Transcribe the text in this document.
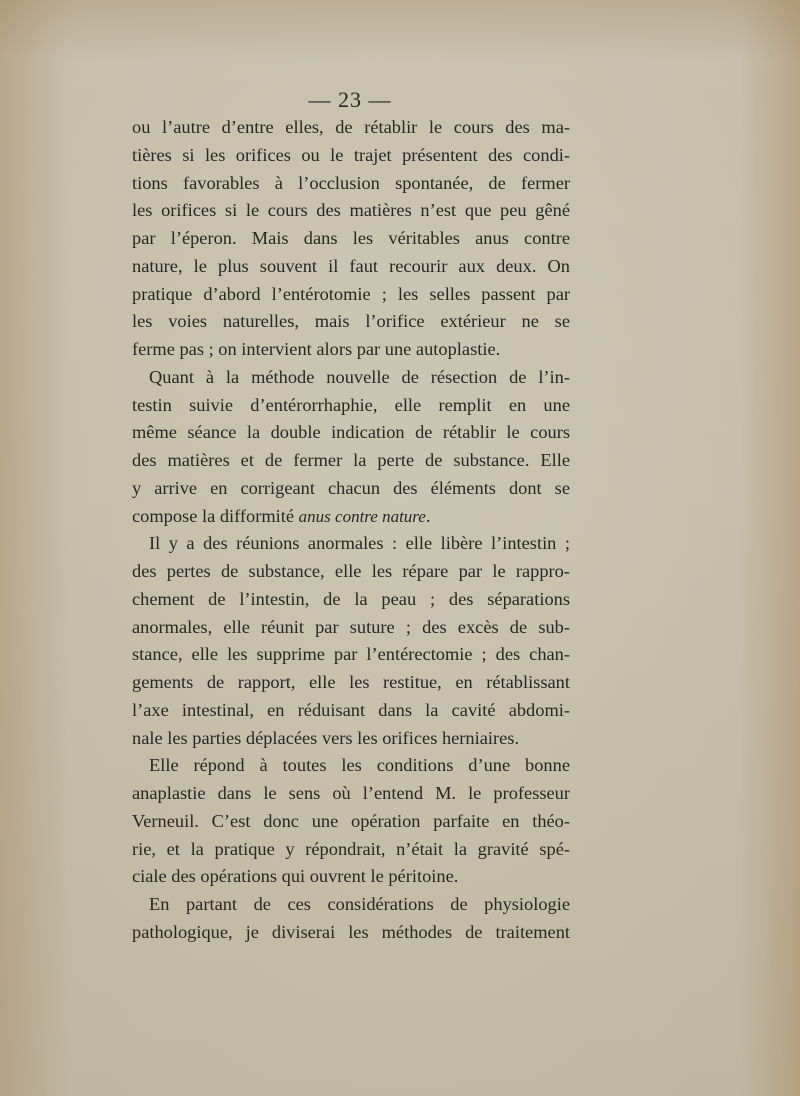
— 23 —
ou l’autre d’entre elles, de rétablir le cours des ma-
tières si les orifices ou le trajet présentent des condi-
tions favorables à l’occlusion spontanée, de fermer
les orifices si le cours des matières n’est que peu gêné
par l’éperon. Mais dans les véritables anus contre
nature, le plus souvent il faut recourir aux deux. On
pratique d’abord l’entérotomie ; les selles passent par
les voies naturelles, mais l’orifice extérieur ne se
ferme pas ; on intervient alors par une autoplastie.
Quant à la méthode nouvelle de résection de l’in-
testin suivie d’entérorrhaphie, elle remplit en une
même séance la double indication de rétablir le cours
des matières et de fermer la perte de substance. Elle
y arrive en corrigeant chacun des éléments dont se
compose la difformité anus contre nature.
Il y a des réunions anormales : elle libère l’intestin ;
des pertes de substance, elle les répare par le rappro-
chement de l’intestin, de la peau ; des séparations
anormales, elle réunit par suture ; des excès de sub-
stance, elle les supprime par l’entérectomie ; des chan-
gements de rapport, elle les restitue, en rétablissant
l’axe intestinal, en réduisant dans la cavité abdomi-
nale les parties déplacées vers les orifices herniaires.
Elle répond à toutes les conditions d’une bonne
anaplastie dans le sens où l’entend M. le professeur
Verneuil. C’est donc une opération parfaite en théo-
rie, et la pratique y répondrait, n’était la gravité spé-
ciale des opérations qui ouvrent le péritoine.
En partant de ces considérations de physiologie
pathologique, je diviserai les méthodes de traitement
